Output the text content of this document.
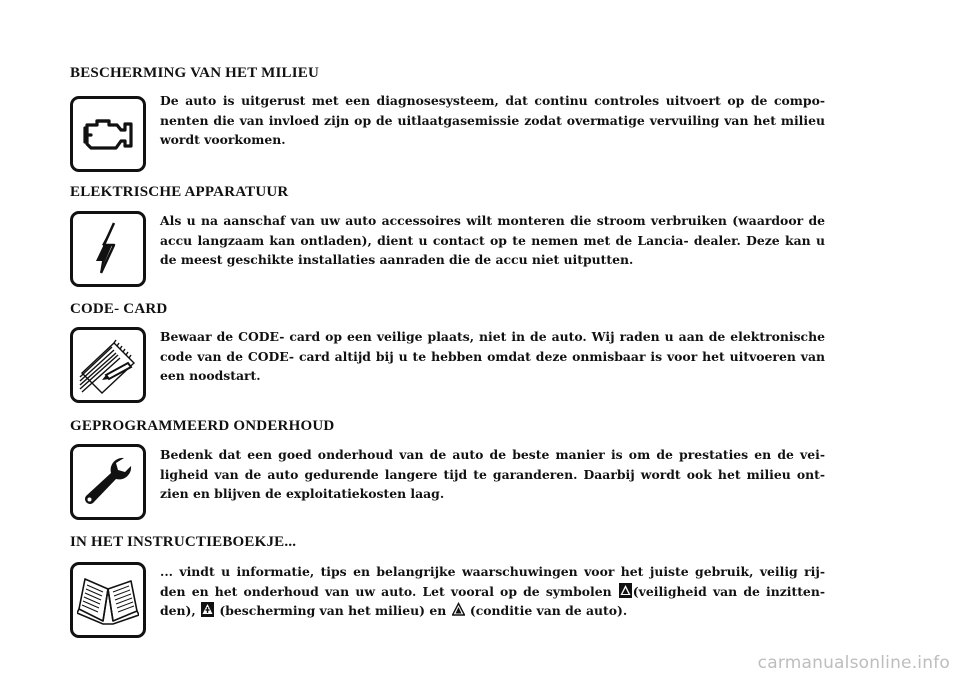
BESCHERMING VAN HET MILIEU

De auto is uitgerust met een diagnosesysteem, dat continu controles uitvoert op de compo- nenten die van invloed zijn op de uitlaatgasemissie zodat overmatige vervuiling van het milieu wordt voorkomen.

ELEKTRISCHE APPARATUUR

Als u na aanschaf van uw auto accessoires wilt monteren die stroom verbruiken (waardoor de accu langzaam kan ontladen), dient u contact op te nemen met de Lancia- dealer. Deze kan u de meest geschikte installaties aanraden die de accu niet uitputten.

CODE- CARD

Bewaar de CODE- card op een veilige plaats, niet in de auto. Wij raden u aan de elektronische code van de CODE- card altijd bij u te hebben omdat deze onmisbaar is voor het uitvoeren van een noodstart.

GEPROGRAMMEERD ONDERHOUD

Bedenk dat een goed onderhoud van de auto de beste manier is om de prestaties en de vei- ligheid van de auto gedurende langere tijd te garanderen. Daarbij wordt ook het milieu ont- zien en blijven de exploitatiekosten laag.

IN HET INSTRUCTIEBOEKJE...

... vindt u informatie, tips en belangrijke waarschuwingen voor het juiste gebruik, veilig rij- den en het onderhoud van uw auto. Let vooral op de symbolen (veiligheid van de inzitten- den), (bescherming van het milieu) en (conditie van de auto).

carmanualsonline.info
